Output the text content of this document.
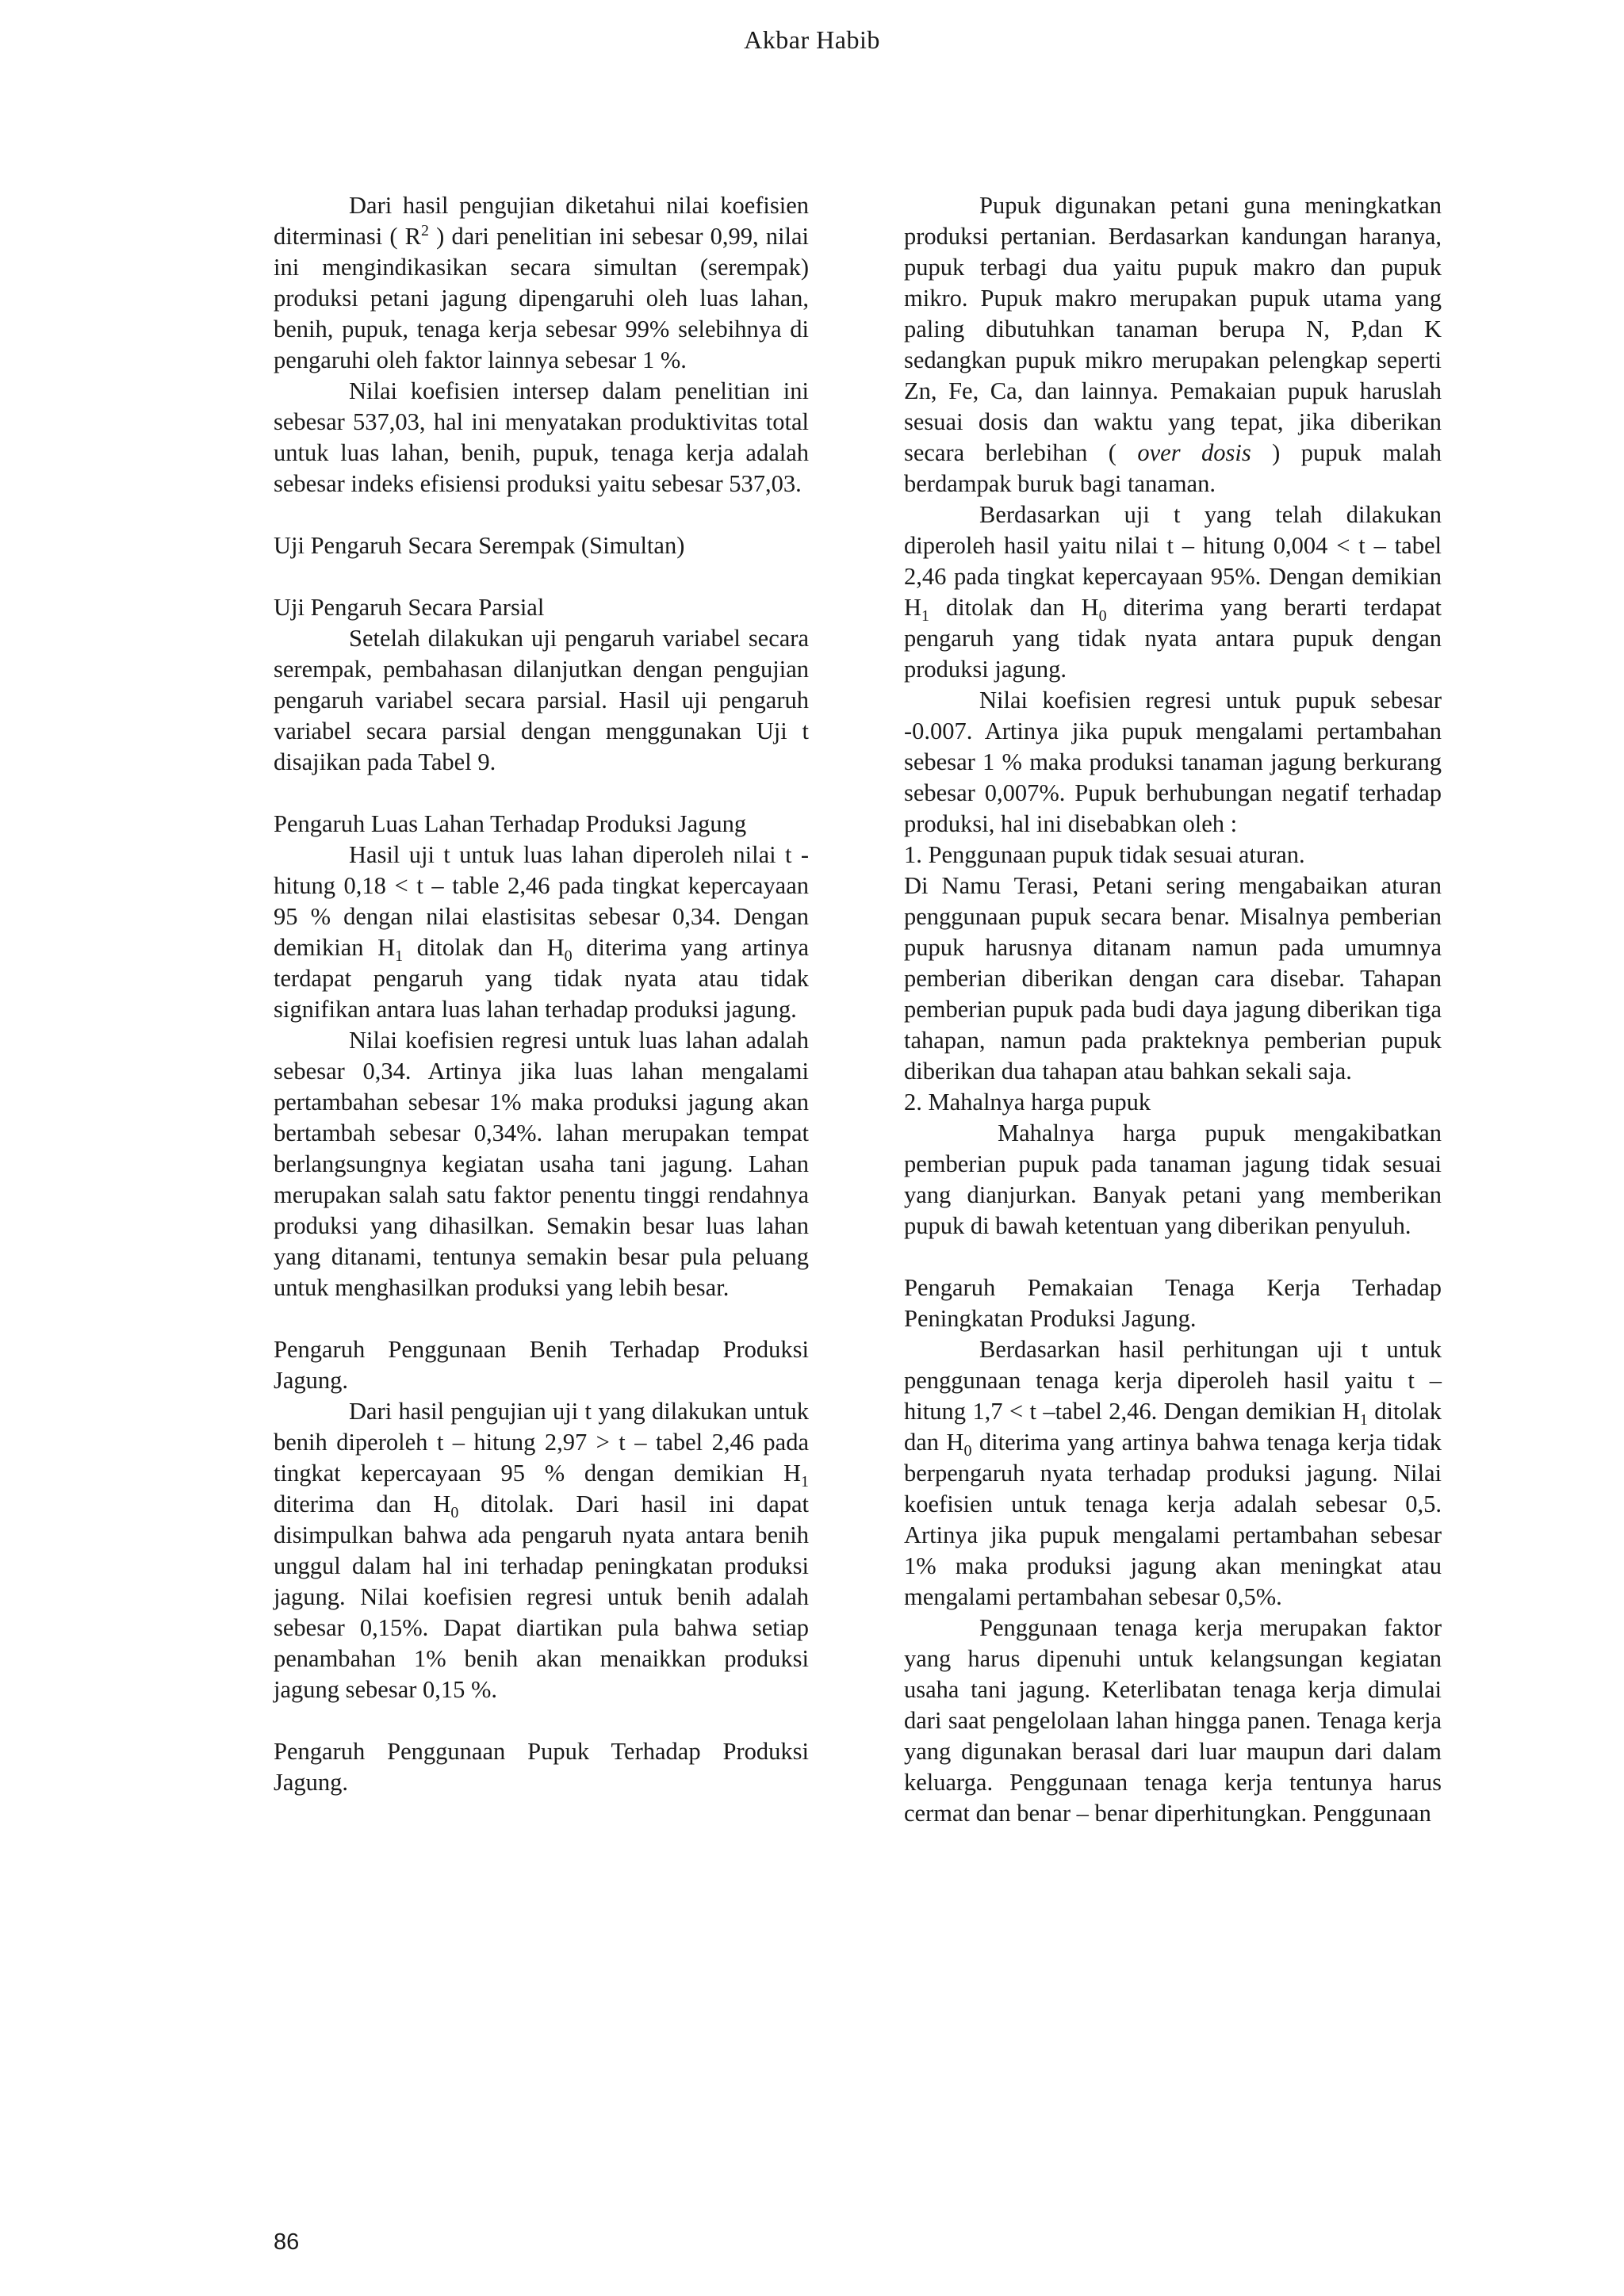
Akbar Habib

Dari hasil pengujian diketahui nilai koefisien diterminasi ( $R^2$ ) dari penelitian ini sebesar 0,99, nilai ini mengindikasikan secara simultan (serempak) produksi petani jagung dipengaruhi oleh luas lahan, benih, pupuk, tenaga kerja sebesar 99% selebihnya di pengaruhi oleh faktor lainnya sebesar 1 %.

Nilai koefisien intersep dalam penelitian ini sebesar 537,03, hal ini menyatakan produktivitas total untuk luas lahan, benih, pupuk, tenaga kerja adalah sebesar indeks efisiensi produksi yaitu sebesar 537,03.

Uji Pengaruh Secara Serempak (Simultan)

Uji Pengaruh Secara Parsial

Setelah dilakukan uji pengaruh variabel secara serempak, pembahasan dilanjutkan dengan pengujian pengaruh variabel secara parsial. Hasil uji pengaruh variabel secara parsial dengan menggunakan Uji t disajikan pada Tabel 9.

Pengaruh Luas Lahan Terhadap Produksi Jagung

Hasil uji t untuk luas lahan diperoleh nilai t - hitung 0,18 < t – table 2,46 pada tingkat kepercayaan 95 % dengan nilai elastisitas sebesar 0,34. Dengan demikian $H_1$ ditolak dan $H_0$ diterima yang artinya terdapat pengaruh yang tidak nyata atau tidak signifikan antara luas lahan terhadap produksi jagung.

Nilai koefisien regresi untuk luas lahan adalah sebesar 0,34. Artinya jika luas lahan mengalami pertambahan sebesar 1% maka produksi jagung akan bertambah sebesar 0,34%. lahan merupakan tempat berlangsungnya kegiatan usaha tani jagung. Lahan merupakan salah satu faktor penentu tinggi rendahnya produksi yang dihasilkan. Semakin besar luas lahan yang ditanami, tentunya semakin besar pula peluang untuk menghasilkan produksi yang lebih besar.

Pengaruh Penggunaan Benih Terhadap Produksi Jagung.

Dari hasil pengujian uji t yang dilakukan untuk benih diperoleh t – hitung 2,97 > t – tabel 2,46 pada tingkat kepercayaan 95 % dengan demikian $H_1$ diterima dan $H_0$ ditolak. Dari hasil ini dapat disimpulkan bahwa ada pengaruh nyata antara benih unggul dalam hal ini terhadap peningkatan produksi jagung. Nilai koefisien regresi untuk benih adalah sebesar 0,15%. Dapat diartikan pula bahwa setiap penambahan 1% benih akan menaikkan produksi jagung sebesar 0,15 %.

Pengaruh Penggunaan Pupuk Terhadap Produksi Jagung.

Pupuk digunakan petani guna meningkatkan produksi pertanian. Berdasarkan kandungan haranya, pupuk terbagi dua yaitu pupuk makro dan pupuk mikro. Pupuk makro merupakan pupuk utama yang paling dibutuhkan tanaman berupa N, P,dan K sedangkan pupuk mikro merupakan pelengkap seperti Zn, Fe, Ca, dan lainnya. Pemakaian pupuk haruslah sesuai dosis dan waktu yang tepat, jika diberikan secara berlebihan ( over dosis ) pupuk malah berdampak buruk bagi tanaman.

Berdasarkan uji t yang telah dilakukan diperoleh hasil yaitu nilai t – hitung 0,004 < t – tabel 2,46 pada tingkat kepercayaan 95%. Dengan demikian $H_1$ ditolak dan $H_0$ diterima yang berarti terdapat pengaruh yang tidak nyata antara pupuk dengan produksi jagung.

Nilai koefisien regresi untuk pupuk sebesar -0.007. Artinya jika pupuk mengalami pertambahan sebesar 1 % maka produksi tanaman jagung berkurang sebesar 0,007%. Pupuk berhubungan negatif terhadap produksi, hal ini disebabkan oleh :

1. Penggunaan pupuk tidak sesuai aturan.

Di Namu Terasi, Petani sering mengabaikan aturan penggunaan pupuk secara benar. Misalnya pemberian pupuk harusnya ditanam namun pada umumnya pemberian diberikan dengan cara disebar. Tahapan pemberian pupuk pada budi daya jagung diberikan tiga tahapan, namun pada prakteknya pemberian pupuk diberikan dua tahapan atau bahkan sekali saja.

2. Mahalnya harga pupuk

Mahalnya harga pupuk mengakibatkan pemberian pupuk pada tanaman jagung tidak sesuai yang dianjurkan. Banyak petani yang memberikan pupuk di bawah ketentuan yang diberikan penyuluh.

Pengaruh Pemakaian Tenaga Kerja Terhadap Peningkatan Produksi Jagung.

Berdasarkan hasil perhitungan uji t untuk penggunaan tenaga kerja diperoleh hasil yaitu t – hitung 1,7 < t –tabel 2,46. Dengan demikian $H_1$ ditolak dan $H_0$ diterima yang artinya bahwa tenaga kerja tidak berpengaruh nyata terhadap produksi jagung. Nilai koefisien untuk tenaga kerja adalah sebesar 0,5. Artinya jika pupuk mengalami pertambahan sebesar 1% maka produksi jagung akan meningkat atau mengalami pertambahan sebesar 0,5%.

Penggunaan tenaga kerja merupakan faktor yang harus dipenuhi untuk kelangsungan kegiatan usaha tani jagung. Keterlibatan tenaga kerja dimulai dari saat pengelolaan lahan hingga panen. Tenaga kerja yang digunakan berasal dari luar maupun dari dalam keluarga. Penggunaan tenaga kerja tentunya harus cermat dan benar – benar diperhitungkan. Penggunaan

86
